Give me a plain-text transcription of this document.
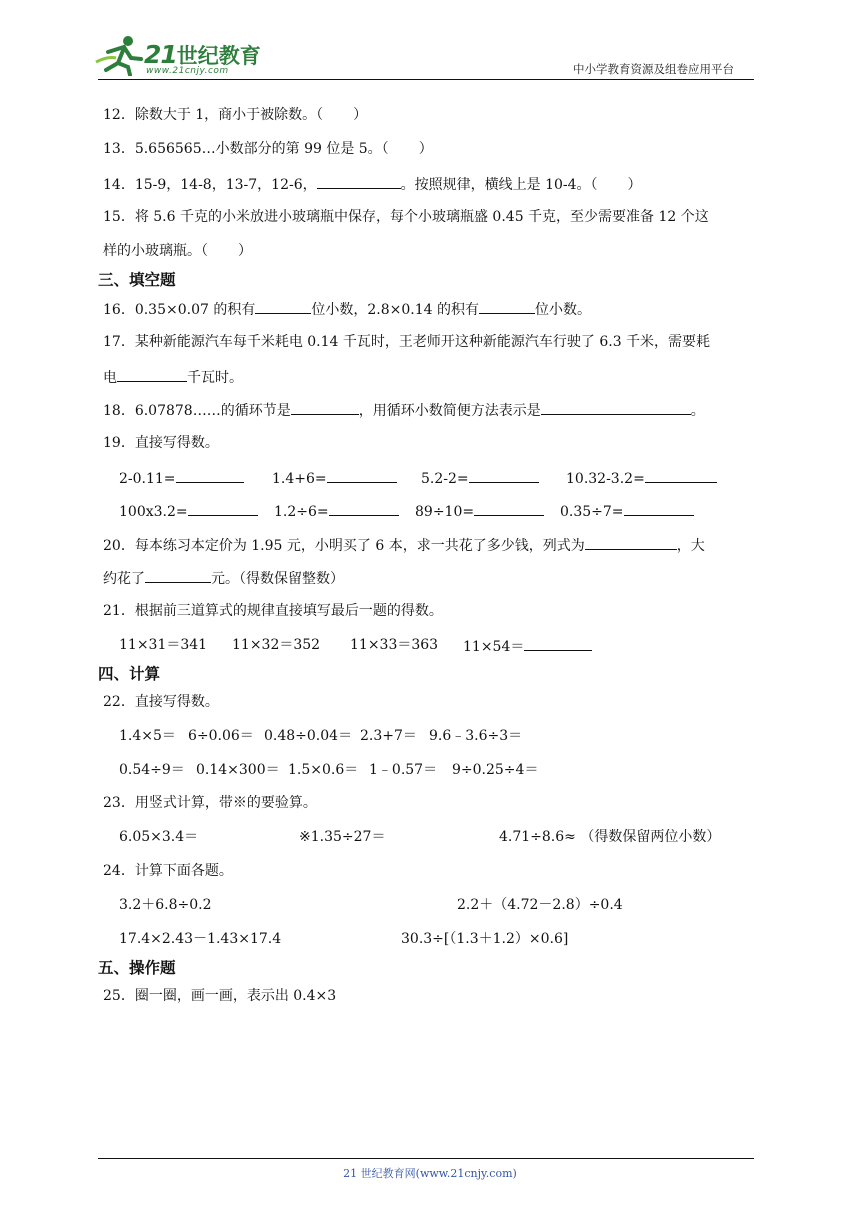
21世纪教育
www.21cnjy.com	中小学教育资源及组卷应用平台
12．除数大于 1，商小于被除数。（ ）
13．5.656565…小数部分的第 99 位是 5。（ ）
14．15-9，14-8，13-7，12-6，	。按照规律，横线上是 10-4。（ ）
15．将 5.6 千克的小米放进小玻璃瓶中保存，每个小玻璃瓶盛 0.45 千克，至少需要准备 12 个这
样的小玻璃瓶。（ ）
三、填空题
16．0.35×0.07 的积有	位小数，2.8×0.14 的积有	位小数。
17．某种新能源汽车每千米耗电 0.14 千瓦时，王老师开这种新能源汽车行驶了 6.3 千米，需要耗
电	千瓦时。
18．6.07878……的循环节是	，用循环小数简便方法表示是	。
19．直接写得数。
2-0.11=	1.4+6=	5.2-2=	10.32-3.2=
100x3.2=	1.2÷6=	89÷10=	0.35÷7=
20．每本练习本定价为 1.95 元，小明买了 6 本，求一共花了多少钱，列式为	，大
约花了	元。（得数保留整数）
21．根据前三道算式的规律直接填写最后一题的得数。
11×31＝341 11×32＝352 11×33＝363 11×54＝
四、计算
22．直接写得数。
1.4×5＝ 6÷0.06＝ 0.48÷0.04＝ 2.3+7＝ 9.6﹣3.6÷3＝
0.54÷9＝ 0.14×300＝ 1.5×0.6＝ 1﹣0.57＝ 9÷0.25÷4＝
23．用竖式计算，带※的要验算。
6.05×3.4＝	※1.35÷27＝	4.71÷8.6≈ （得数保留两位小数）
24．计算下面各题。
3.2＋6.8÷0.2	2.2＋（4.72－2.8）÷0.4
17.4×2.43－1.43×17.4	30.3÷[（1.3＋1.2）×0.6]
五、操作题
25．圈一圈，画一画，表示出 0.4×3
21 世纪教育网(www.21cnjy.com)
